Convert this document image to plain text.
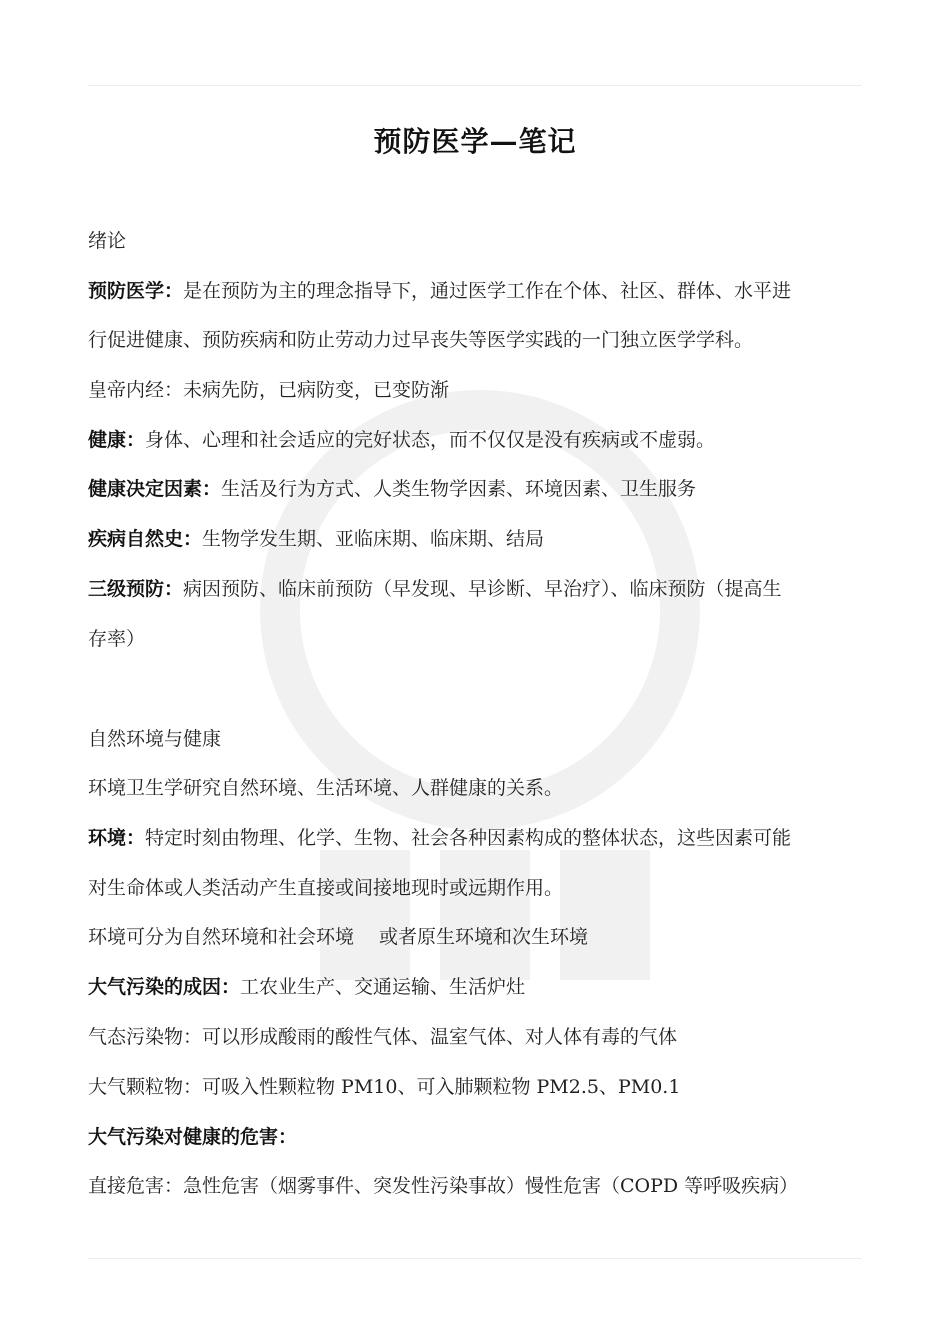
预防医学—笔记
绪论
预防医学：是在预防为主的理念指导下，通过医学工作在个体、社区、群体、水平进
行促进健康、预防疾病和防止劳动力过早丧失等医学实践的一门独立医学学科。
皇帝内经：未病先防，已病防变，已变防渐
健康：身体、心理和社会适应的完好状态，而不仅仅是没有疾病或不虚弱。
健康决定因素：生活及行为方式、人类生物学因素、环境因素、卫生服务
疾病自然史：生物学发生期、亚临床期、临床期、结局
三级预防：病因预防、临床前预防（早发现、早诊断、早治疗）、临床预防（提高生
存率）
自然环境与健康
环境卫生学研究自然环境、生活环境、人群健康的关系。
环境：特定时刻由物理、化学、生物、社会各种因素构成的整体状态，这些因素可能
对生命体或人类活动产生直接或间接地现时或远期作用。
环境可分为自然环境和社会环境　 或者原生环境和次生环境
大气污染的成因：工农业生产、交通运输、生活炉灶
气态污染物：可以形成酸雨的酸性气体、温室气体、对人体有毒的气体
大气颗粒物：可吸入性颗粒物 PM10、可入肺颗粒物 PM2.5、PM0.1
大气污染对健康的危害：
直接危害：急性危害（烟雾事件、突发性污染事故）慢性危害（COPD 等呼吸疾病）
